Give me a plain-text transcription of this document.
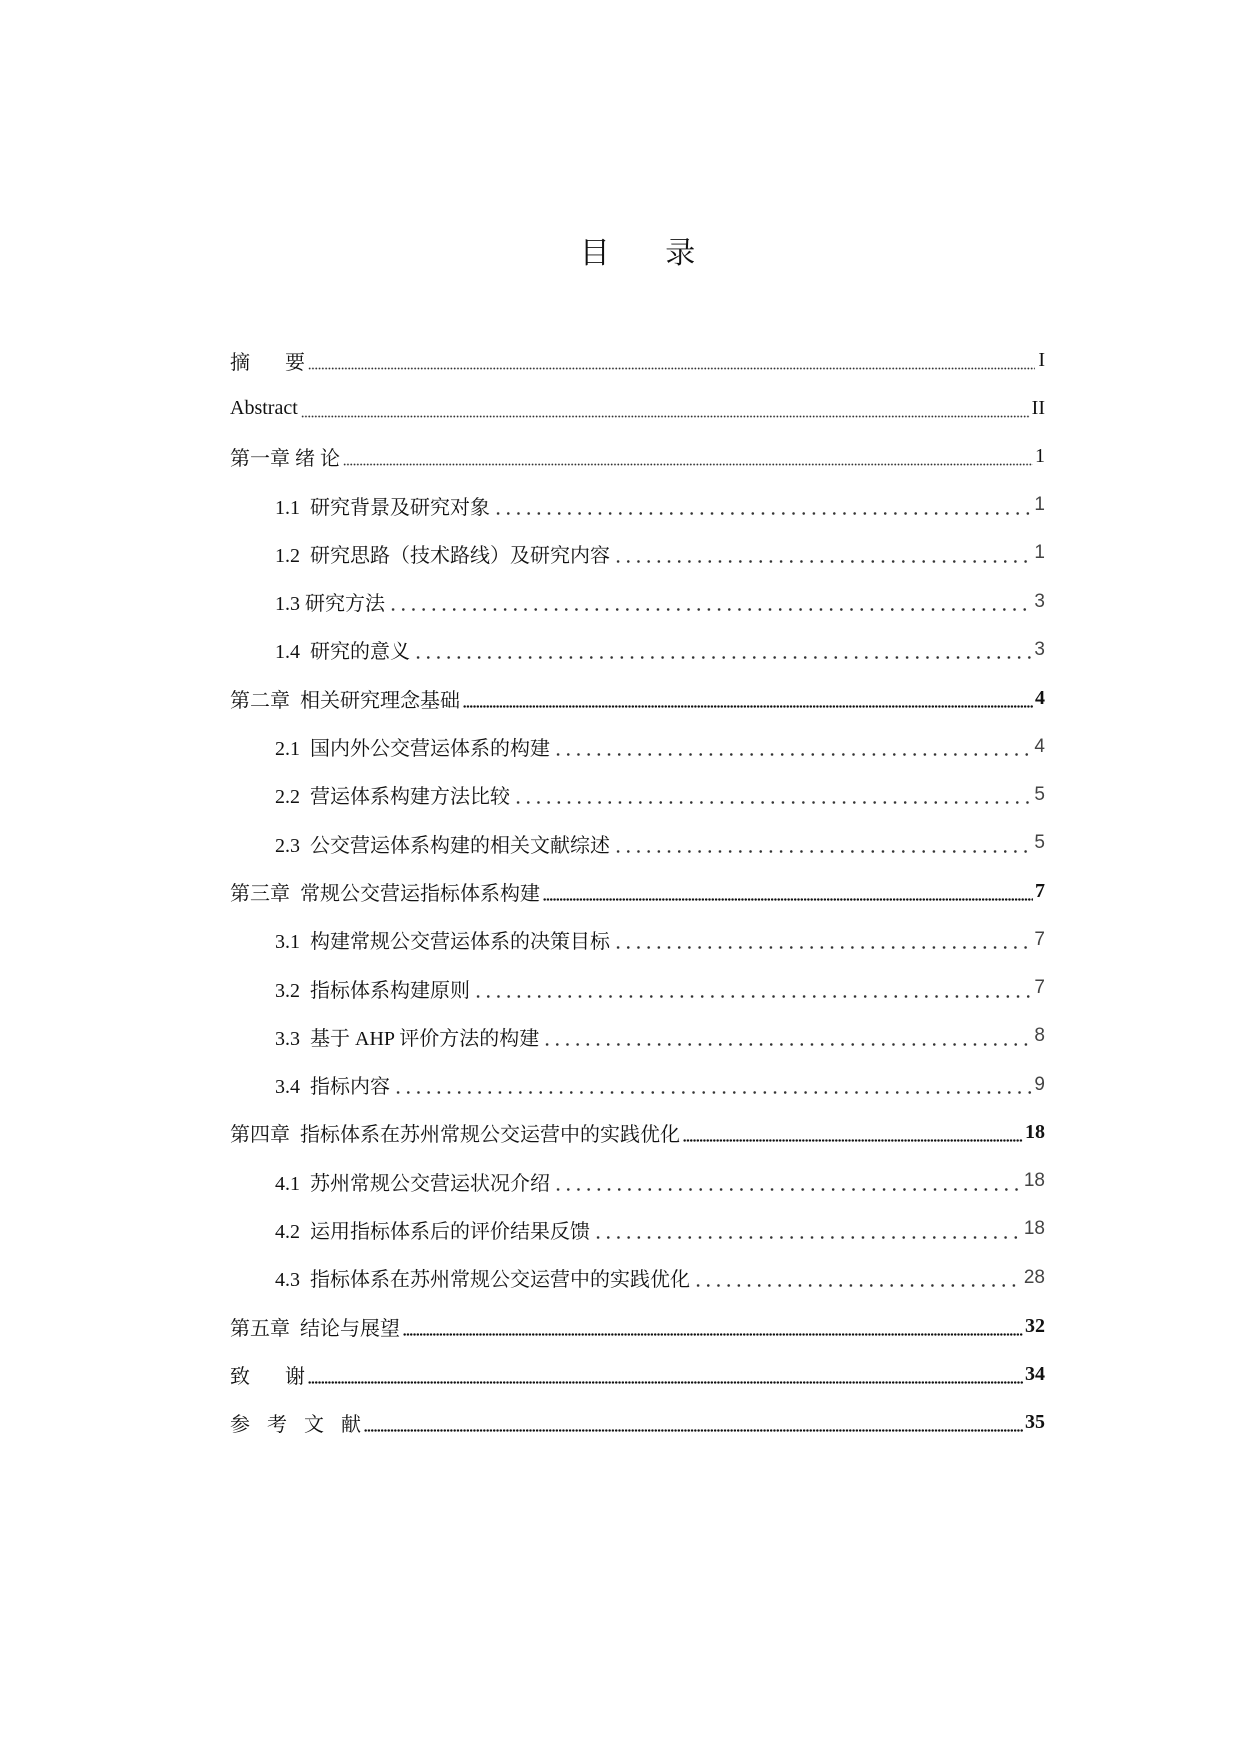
目 录
摘 要	I
Abstract	II
第一章 绪 论	1
1.1  研究背景及研究对象	1
1.2  研究思路（技术路线）及研究内容	1
1.3 研究方法	3
1.4  研究的意义	3
第二章  相关研究理念基础	4
2.1  国内外公交营运体系的构建	4
2.2  营运体系构建方法比较	5
2.3  公交营运体系构建的相关文献综述	5
第三章  常规公交营运指标体系构建	7
3.1  构建常规公交营运体系的决策目标	7
3.2  指标体系构建原则	7
3.3  基于 AHP 评价方法的构建	8
3.4  指标内容	9
第四章  指标体系在苏州常规公交运营中的实践优化	18
4.1  苏州常规公交营运状况介绍	18
4.2  运用指标体系后的评价结果反馈	18
4.3  指标体系在苏州常规公交运营中的实践优化	28
第五章  结论与展望	32
致 谢	34
参 考 文 献	35
